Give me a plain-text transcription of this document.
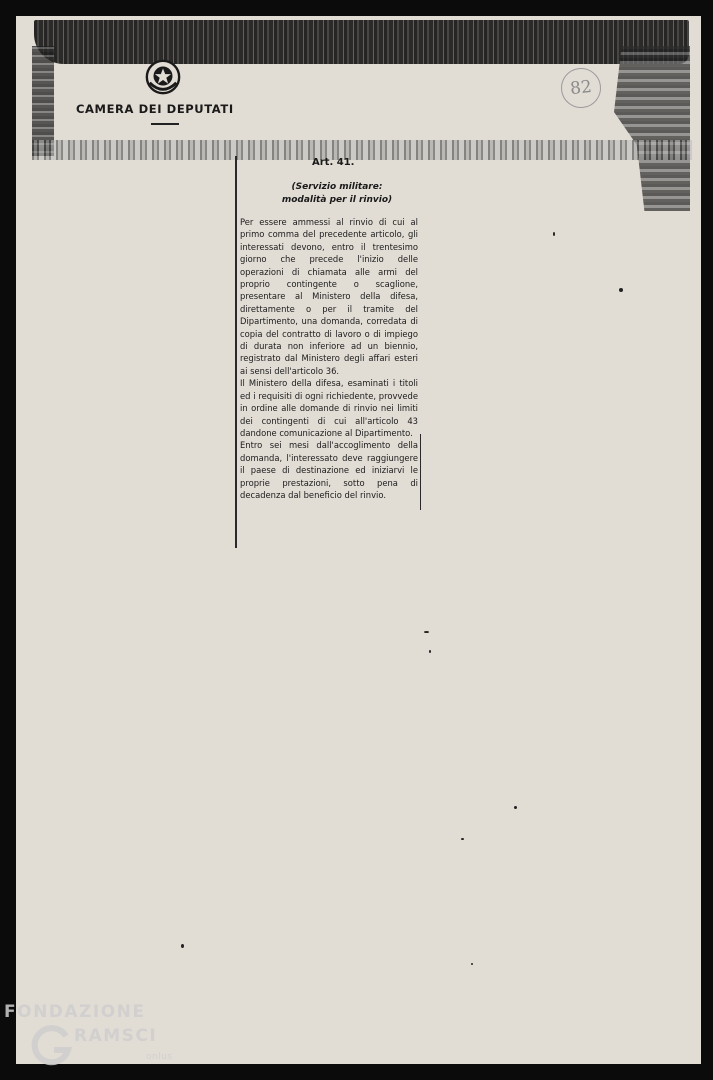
CAMERA DEI DEPUTATI
82
Art. 41.
(Servizio militare:
modalità per il rinvio)

Per essere ammessi al rinvio di cui al primo comma del precedente articolo, gli interessati devono, entro il trentesimo giorno che precede l'inizio delle operazioni di chiamata alle armi del proprio contingente o scaglione, presentare al Ministero della difesa, direttamente o per il tramite del Dipartimento, una domanda, corredata di copia del contratto di lavoro o di impiego di durata non inferiore ad un biennio, registrato dal Ministero degli affari esteri ai sensi dell'articolo 36.

Il Ministero della difesa, esaminati i titoli ed i requisiti di ogni richiedente, provvede in ordine alle domande di rinvio nei limiti dei contingenti di cui all'articolo 43 dandone comunicazione al Dipartimento.

Entro sei mesi dall'accoglimento della domanda, l'interessato deve raggiungere il paese di destinazione ed iniziarvi le proprie prestazioni, sotto pena di decadenza dal beneficio del rinvio.

FONDAZIONE
RAMSCI
onlus
